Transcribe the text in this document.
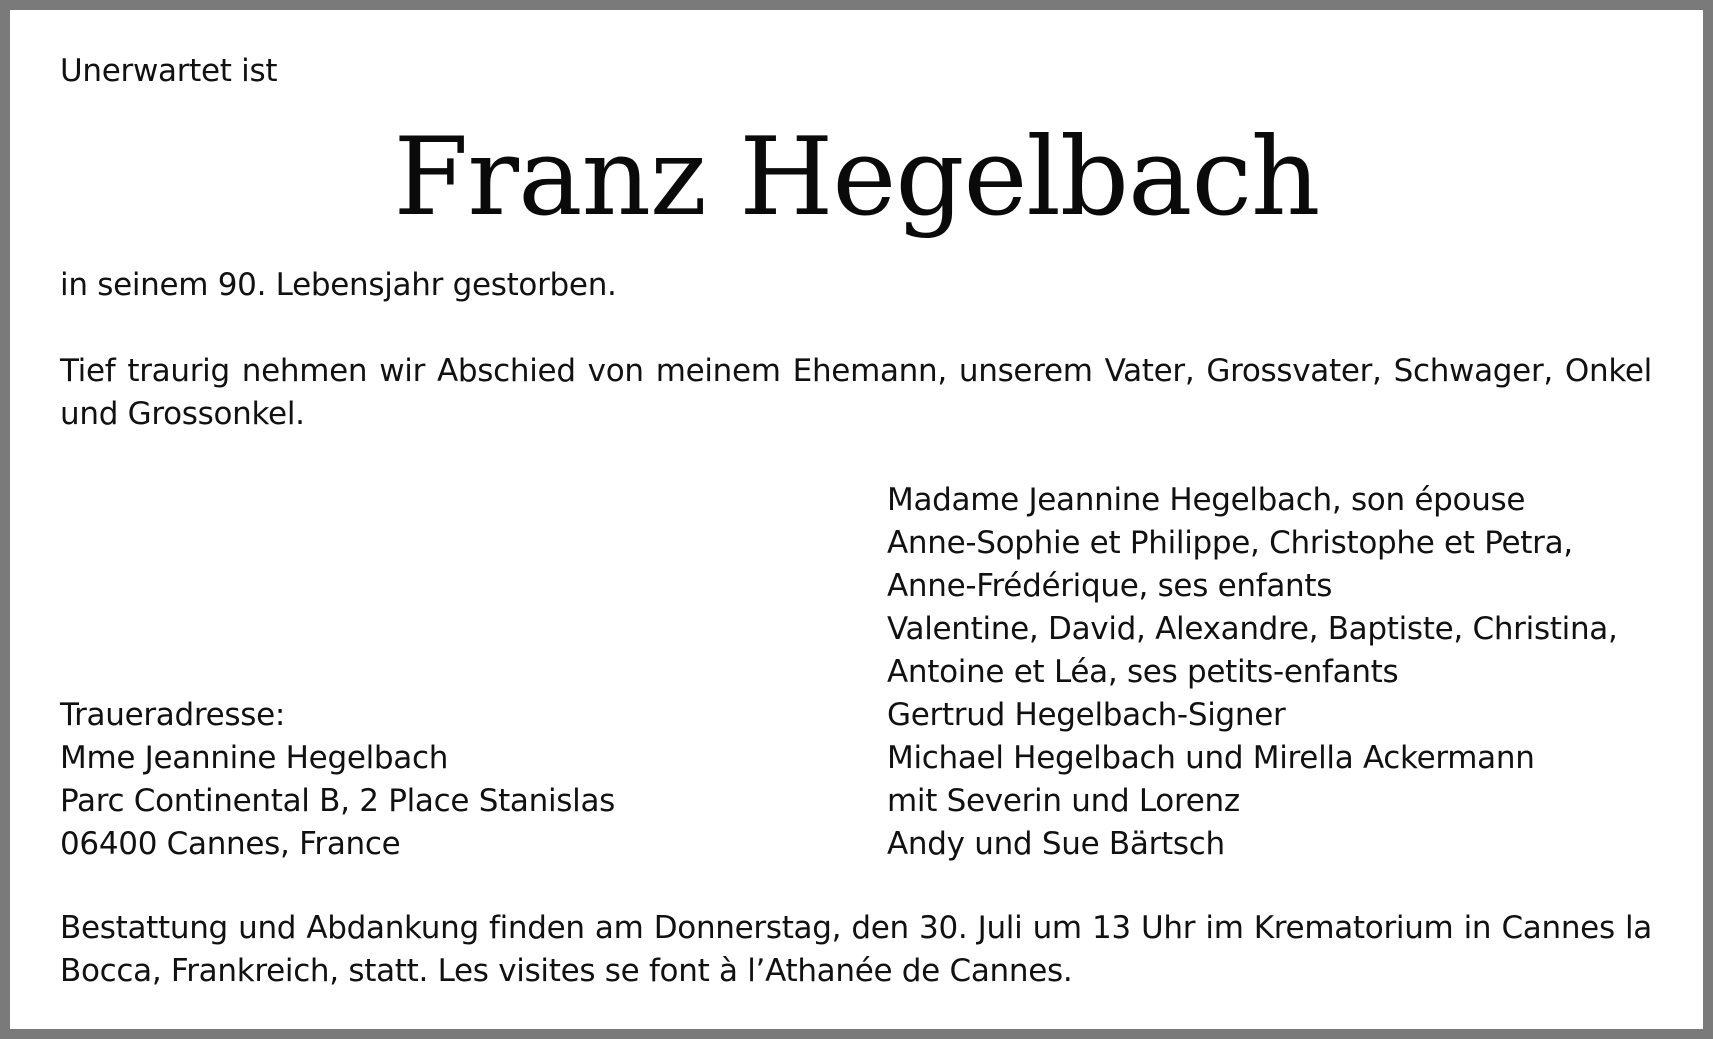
Unerwartet ist
Franz Hegelbach
in seinem 90. Lebensjahr gestorben.
Tief traurig nehmen wir Abschied von meinem Ehemann, unserem Vater, Grossvater, Schwager, Onkel und Grossonkel.
Madame Jeannine Hegelbach, son épouse
Anne-Sophie et Philippe, Christophe et Petra,
Anne-Frédérique, ses enfants
Valentine, David, Alexandre, Baptiste, Christina,
Antoine et Léa, ses petits-enfants
Gertrud Hegelbach-Signer
Michael Hegelbach und Mirella Ackermann
mit Severin und Lorenz
Andy und Sue Bärtsch
Traueradresse:
Mme Jeannine Hegelbach
Parc Continental B, 2 Place Stanislas
06400 Cannes, France
Bestattung und Abdankung finden am Donnerstag, den 30. Juli um 13 Uhr im Krematorium in Cannes la Bocca, Frankreich, statt. Les visites se font à l’Athanée de Cannes.
